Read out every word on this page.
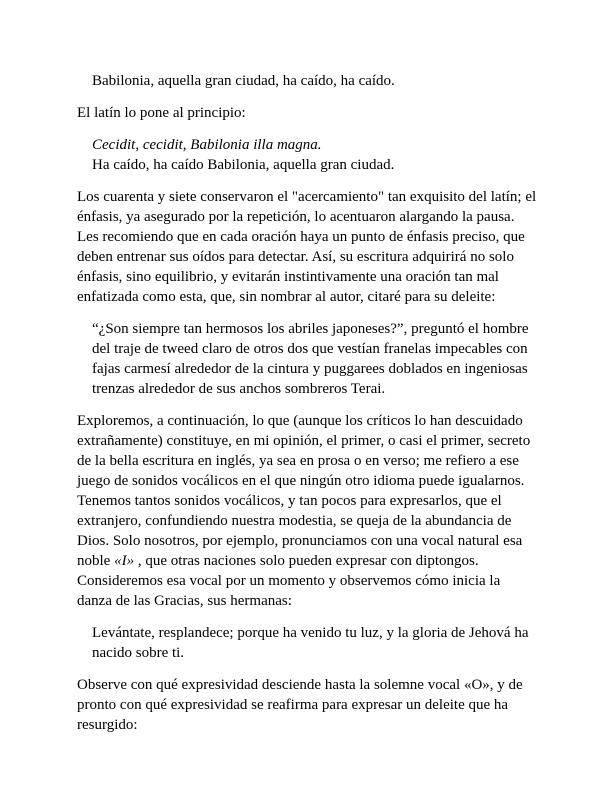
Babilonia, aquella gran ciudad, ha caído, ha caído.

El latín lo pone al principio:

Cecidit, cecidit, Babilonia illa magna.
Ha caído, ha caído Babilonia, aquella gran ciudad.

Los cuarenta y siete conservaron el "acercamiento" tan exquisito del latín; el énfasis, ya asegurado por la repetición, lo acentuaron alargando la pausa. Les recomiendo que en cada oración haya un punto de énfasis preciso, que deben entrenar sus oídos para detectar. Así, su escritura adquirirá no solo énfasis, sino equilibrio, y evitarán instintivamente una oración tan mal enfatizada como esta, que, sin nombrar al autor, citaré para su deleite:

“¿Son siempre tan hermosos los abriles japoneses?”, preguntó el hombre del traje de tweed claro de otros dos que vestían franelas impecables con fajas carmesí alrededor de la cintura y puggarees doblados en ingeniosas trenzas alrededor de sus anchos sombreros Terai.

Exploremos, a continuación, lo que (aunque los críticos lo han descuidado extrañamente) constituye, en mi opinión, el primer, o casi el primer, secreto de la bella escritura en inglés, ya sea en prosa o en verso; me refiero a ese juego de sonidos vocálicos en el que ningún otro idioma puede igualarnos. Tenemos tantos sonidos vocálicos, y tan pocos para expresarlos, que el extranjero, confundiendo nuestra modestia, se queja de la abundancia de Dios. Solo nosotros, por ejemplo, pronunciamos con una vocal natural esa noble «I» , que otras naciones solo pueden expresar con diptongos. Consideremos esa vocal por un momento y observemos cómo inicia la danza de las Gracias, sus hermanas:

Levántate, resplandece; porque ha venido tu luz, y la gloria de Jehová ha nacido sobre ti.

Observe con qué expresividad desciende hasta la solemne vocal «O», y de pronto con qué expresividad se reafirma para expresar un deleite que ha resurgido:
